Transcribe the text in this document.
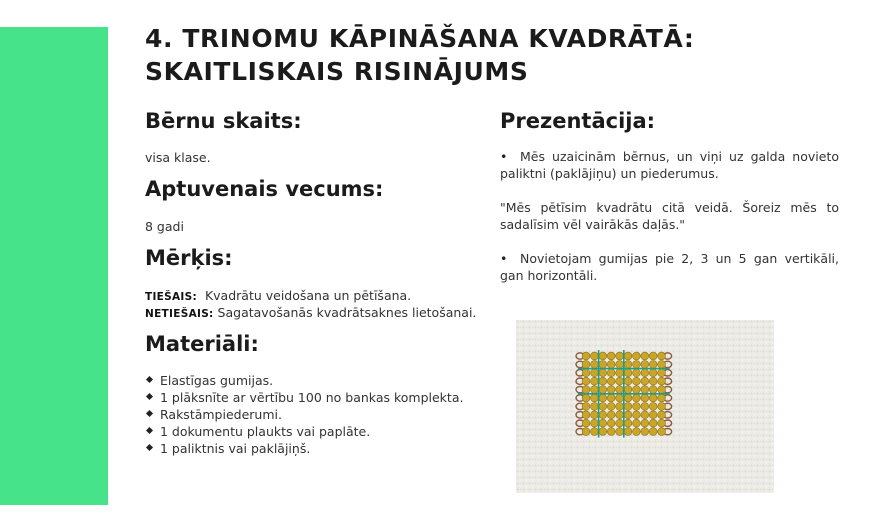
4. TRINOMU KĀPINĀŠANA KVADRĀTĀ:
SKAITLISKAIS RISINĀJUMS
Bērnu skaits:

visa klase.

Aptuvenais vecums:

8 gadi

Mērķis:

TIEŠAIS: Kvadrātu veidošana un pētīšana.

NETIEŠAIS: Sagatavošanās kvadrātsaknes lietošanai.

Materiāli:
Elastīgas gumijas.
1 plāksnīte ar vērtību 100 no bankas komplekta.
Rakstāmpiederumi.
1 dokumentu plaukts vai paplāte.
1 paliktnis vai paklājiņš.
Prezentācija:

• Mēs uzaicinām bērnus, un viņi uz galda novieto paliktni (paklājiņu) un piederumus.

"Mēs pētīsim kvadrātu citā veidā. Šoreiz mēs to sadalīsim vēl vairākās daļās."

• Novietojam gumijas pie 2, 3 un 5 gan vertikāli, gan horizontāli.
